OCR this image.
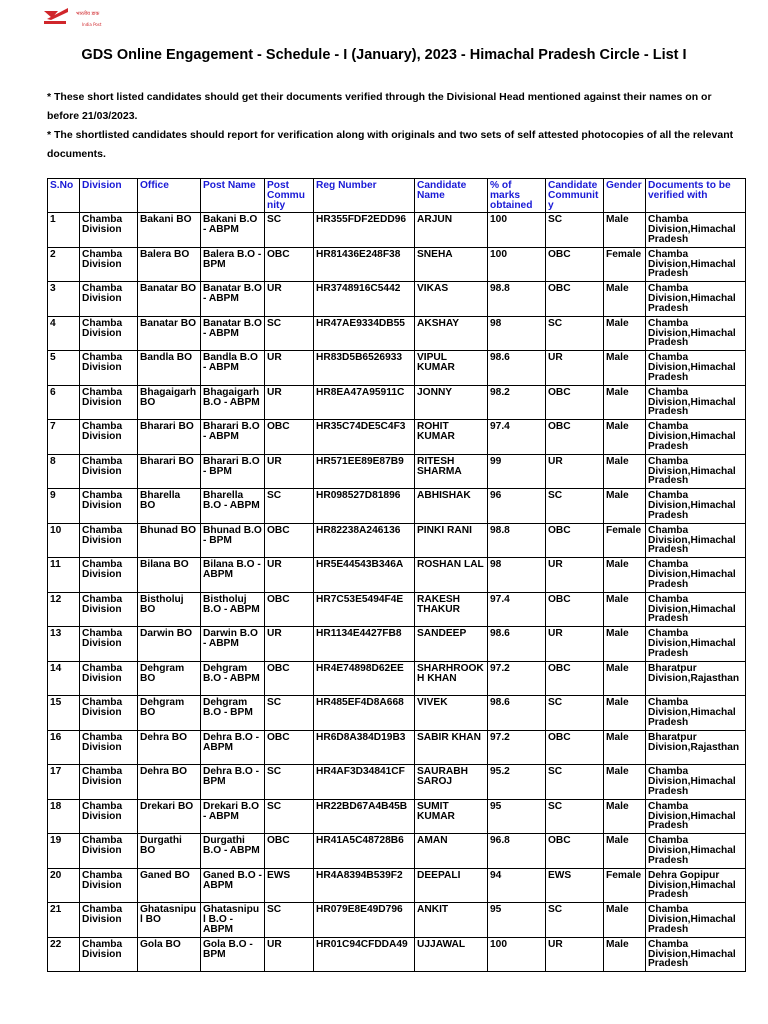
भारतीय डाक
India Post
GDS Online Engagement - Schedule - I (January), 2023 - Himachal Pradesh Circle - List I

* These short listed candidates should get their documents verified through the Divisional Head mentioned against their names on or before 21/03/2023.

* The shortlisted candidates should report for verification along with originals and two sets of self attested photocopies of all the relevant documents.

S.No	Division	Office	Post Name	Post Community	Reg Number	Candidate Name	% of marks obtained	Candidate Community	Gender	Documents to be verified with
1	Chamba Division	Bakani BO	Bakani B.O - ABPM	SC	HR355FDF2EDD96	ARJUN	100	SC	Male	Chamba Division,Himachal Pradesh
2	Chamba Division	Balera BO	Balera B.O - BPM	OBC	HR81436E248F38	SNEHA	100	OBC	Female	Chamba Division,Himachal Pradesh
3	Chamba Division	Banatar BO	Banatar B.O - ABPM	UR	HR3748916C5442	VIKAS	98.8	OBC	Male	Chamba Division,Himachal Pradesh
4	Chamba Division	Banatar BO	Banatar B.O - ABPM	SC	HR47AE9334DB55	AKSHAY	98	SC	Male	Chamba Division,Himachal Pradesh
5	Chamba Division	Bandla BO	Bandla B.O - ABPM	UR	HR83D5B6526933	VIPUL KUMAR	98.6	UR	Male	Chamba Division,Himachal Pradesh
6	Chamba Division	Bhagaigarh BO	Bhagaigarh B.O - ABPM	UR	HR8EA47A95911C	JONNY	98.2	OBC	Male	Chamba Division,Himachal Pradesh
7	Chamba Division	Bharari BO	Bharari B.O - ABPM	OBC	HR35C74DE5C4F3	ROHIT KUMAR	97.4	OBC	Male	Chamba Division,Himachal Pradesh
8	Chamba Division	Bharari BO	Bharari B.O - BPM	UR	HR571EE89E87B9	RITESH SHARMA	99	UR	Male	Chamba Division,Himachal Pradesh
9	Chamba Division	Bharella BO	Bharella B.O - ABPM	SC	HR098527D81896	ABHISHAK	96	SC	Male	Chamba Division,Himachal Pradesh
10	Chamba Division	Bhunad BO	Bhunad B.O - BPM	OBC	HR82238A246136	PINKI RANI	98.8	OBC	Female	Chamba Division,Himachal Pradesh
11	Chamba Division	Bilana BO	Bilana B.O - ABPM	UR	HR5E44543B346A	ROSHAN LAL	98	UR	Male	Chamba Division,Himachal Pradesh
12	Chamba Division	Bistholuj BO	Bistholuj B.O - ABPM	OBC	HR7C53E5494F4E	RAKESH THAKUR	97.4	OBC	Male	Chamba Division,Himachal Pradesh
13	Chamba Division	Darwin BO	Darwin B.O - ABPM	UR	HR1134E4427FB8	SANDEEP	98.6	UR	Male	Chamba Division,Himachal Pradesh
14	Chamba Division	Dehgram BO	Dehgram B.O - ABPM	OBC	HR4E74898D62EE	SHARHROOK H KHAN	97.2	OBC	Male	Bharatpur Division,Rajasthan
15	Chamba Division	Dehgram BO	Dehgram B.O - BPM	SC	HR485EF4D8A668	VIVEK	98.6	SC	Male	Chamba Division,Himachal Pradesh
16	Chamba Division	Dehra BO	Dehra B.O - ABPM	OBC	HR6D8A384D19B3	SABIR KHAN	97.2	OBC	Male	Bharatpur Division,Rajasthan
17	Chamba Division	Dehra BO	Dehra B.O - BPM	SC	HR4AF3D34841CF	SAURABH SAROJ	95.2	SC	Male	Chamba Division,Himachal Pradesh
18	Chamba Division	Drekari BO	Drekari B.O - ABPM	SC	HR22BD67A4B45B	SUMIT KUMAR	95	SC	Male	Chamba Division,Himachal Pradesh
19	Chamba Division	Durgathi BO	Durgathi B.O - ABPM	OBC	HR41A5C48728B6	AMAN	96.8	OBC	Male	Chamba Division,Himachal Pradesh
20	Chamba Division	Ganed BO	Ganed B.O - ABPM	EWS	HR4A8394B539F2	DEEPALI	94	EWS	Female	Dehra Gopipur Division,Himachal Pradesh
21	Chamba Division	Ghatasnipu l BO	Ghatasnipu l B.O - ABPM	SC	HR079E8E49D796	ANKIT	95	SC	Male	Chamba Division,Himachal Pradesh
22	Chamba Division	Gola BO	Gola B.O - BPM	UR	HR01C94CFDDA49	UJJAWAL	100	UR	Male	Chamba Division,Himachal Pradesh
